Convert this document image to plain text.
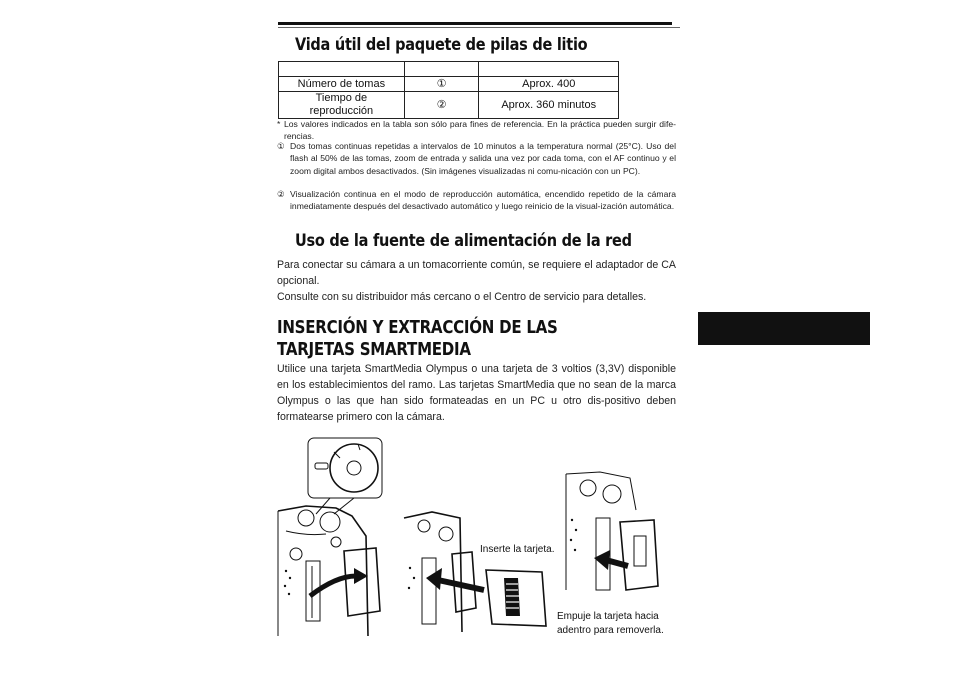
Vida útil del paquete de pilas de litio

Número de tomas	①	Aprox. 400
Tiempo de reproducción	②	Aprox. 360 minutos
* Los valores indicados en la tabla son sólo para fines de referencia. En la práctica pueden surgir dife-rencias.
① Dos tomas continuas repetidas a intervalos de 10 minutos a la temperatura normal (25°C). Uso del flash al 50% de las tomas, zoom de entrada y salida una vez por cada toma, con el AF continuo y el zoom digital ambos desactivados. (Sin imágenes visualizadas ni comu-nicación con un PC).
② Visualización continua en el modo de reproducción automática, encendido repetido de la cámara inmediatamente después del desactivado automático y luego reinicio de la visual-ización automática.
Uso de la fuente de alimentación de la red
Para conectar su cámara a un tomacorriente común, se requiere el adaptador de CA opcional.
Consulte con su distribuidor más cercano o el Centro de servicio para detalles.
INSERCIÓN Y EXTRACCIÓN DE LAS
TARJETAS SMARTMEDIA
Utilice una tarjeta SmartMedia Olympus o una tarjeta de 3 voltios (3,3V) disponible en los establecimientos del ramo. Las tarjetas SmartMedia que no sean de la marca Olympus o las que han sido formateadas en un PC u otro dis-positivo deben formatearse primero con la cámara.
Inserte la tarjeta.
Empuje la tarjeta hacia
adentro para removerla.
